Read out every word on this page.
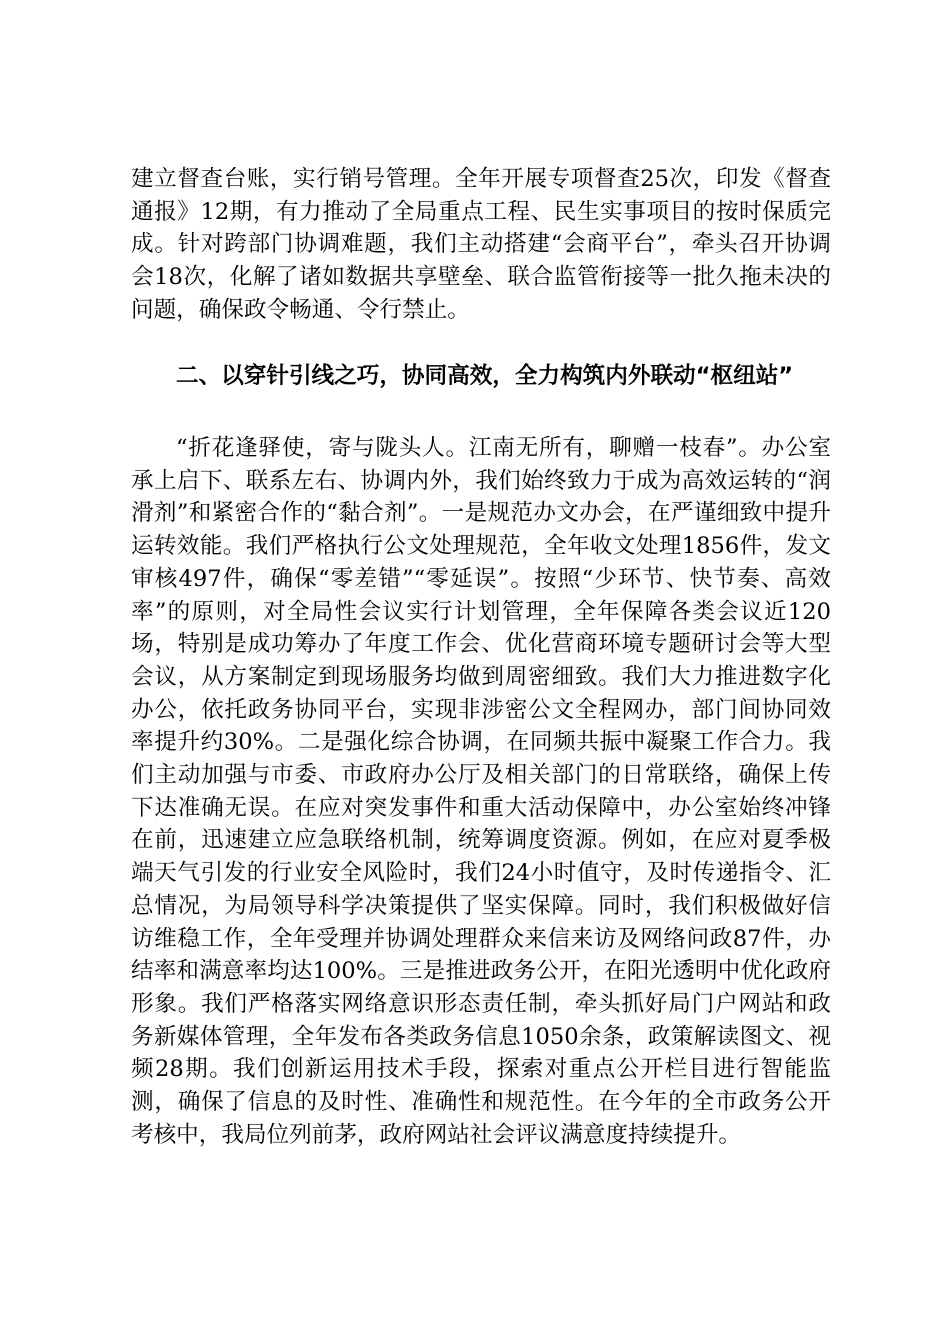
建立督查台账，实行销号管理。全年开展专项督查25次，印发《督查通报》12期，有力推动了全局重点工程、民生实事项目的按时保质完成。针对跨部门协调难题，我们主动搭建“会商平台”，牵头召开协调会18次，化解了诸如数据共享壁垒、联合监管衔接等一批久拖未决的问题，确保政令畅通、令行禁止。

二、以穿针引线之巧，协同高效，全力构筑内外联动“枢纽站”

“折花逢驿使，寄与陇头人。江南无所有，聊赠一枝春”。办公室承上启下、联系左右、协调内外，我们始终致力于成为高效运转的“润滑剂”和紧密合作的“黏合剂”。一是规范办文办会，在严谨细致中提升运转效能。我们严格执行公文处理规范，全年收文处理1856件，发文审核497件，确保“零差错”“零延误”。按照“少环节、快节奏、高效率”的原则，对全局性会议实行计划管理，全年保障各类会议近120场，特别是成功筹办了年度工作会、优化营商环境专题研讨会等大型会议，从方案制定到现场服务均做到周密细致。我们大力推进数字化办公，依托政务协同平台，实现非涉密公文全程网办，部门间协同效率提升约30%。二是强化综合协调，在同频共振中凝聚工作合力。我们主动加强与市委、市政府办公厅及相关部门的日常联络，确保上传下达准确无误。在应对突发事件和重大活动保障中，办公室始终冲锋在前，迅速建立应急联络机制，统筹调度资源。例如，在应对夏季极端天气引发的行业安全风险时，我们24小时值守，及时传递指令、汇总情况，为局领导科学决策提供了坚实保障。同时，我们积极做好信访维稳工作，全年受理并协调处理群众来信来访及网络问政87件，办结率和满意率均达100%。三是推进政务公开，在阳光透明中优化政府形象。我们严格落实网络意识形态责任制，牵头抓好局门户网站和政务新媒体管理，全年发布各类政务信息1050余条，政策解读图文、视频28期。我们创新运用技术手段，探索对重点公开栏目进行智能监测，确保了信息的及时性、准确性和规范性。在今年的全市政务公开考核中，我局位列前茅，政府网站社会评议满意度持续提升。
